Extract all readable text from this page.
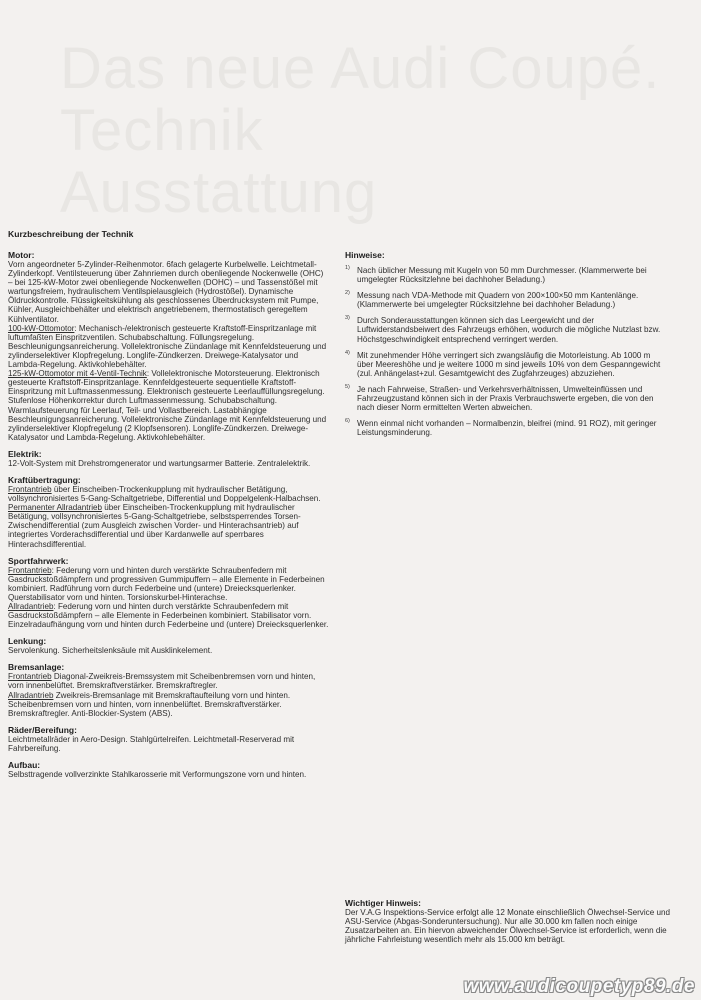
Das neue Audi Coupé.
Technik
Ausstattung
Kurzbeschreibung der Technik
Motor:

Vorn angeordneter 5-Zylinder-Reihenmotor. 6fach gelagerte Kurbelwelle. Leichtmetall-Zylinderkopf. Ventilsteuerung über Zahnriemen durch obenliegende Nockenwelle (OHC) – bei 125-kW-Motor zwei obenliegende Nockenwellen (DOHC) – und Tassenstößel mit wartungsfreiem, hydraulischem Ventilspielausgleich (Hydrostößel). Dynamische Öldruckkontrolle. Flüssigkeitskühlung als geschlossenes Überdrucksystem mit Pumpe, Kühler, Ausgleichbehälter und elektrisch angetriebenem, thermostatisch geregeltem Kühlventilator.

100-kW-Ottomotor: Mechanisch-/elektronisch gesteuerte Kraftstoff-Einspritzanlage mit luftumfaßten Einspritzventilen. Schubabschaltung. Füllungsregelung. Beschleunigungsanreicherung. Vollelektronische Zündanlage mit Kennfeldsteuerung und zylinderselektiver Klopfregelung. Longlife-Zündkerzen. Dreiwege-Katalysator und Lambda-Regelung. Aktivkohlebehälter.

125-kW-Ottomotor mit 4-Ventil-Technik: Vollelektronische Motorsteuerung. Elektronisch gesteuerte Kraftstoff-Einspritzanlage. Kennfeldgesteuerte sequentielle Kraftstoff-Einspritzung mit Luftmassenmessung. Elektronisch gesteuerte Leerlauffüllungsregelung. Stufenlose Höhenkorrektur durch Luftmassenmessung. Schubabschaltung. Warmlaufsteuerung für Leerlauf, Teil- und Vollastbereich. Lastabhängige Beschleunigungsanreicherung. Vollelektronische Zündanlage mit Kennfeldsteuerung und zylinderselektiver Klopfregelung (2 Klopfsensoren). Longlife-Zündkerzen. Dreiwege-Katalysator und Lambda-Regelung. Aktivkohlebehälter.

Elektrik:

12-Volt-System mit Drehstromgenerator und wartungsarmer Batterie. Zentralelektrik.

Kraftübertragung:

Frontantrieb über Einscheiben-Trockenkupplung mit hydraulischer Betätigung, vollsynchronisiertes 5-Gang-Schaltgetriebe, Differential und Doppelgelenk-Halbachsen.

Permanenter Allradantrieb über Einscheiben-Trockenkupplung mit hydraulischer Betätigung, vollsynchronisiertes 5-Gang-Schaltgetriebe, selbstsperrendes Torsen-Zwischendifferential (zum Ausgleich zwischen Vorder- und Hinterachsantrieb) auf integriertes Vorderachsdifferential und über Kardanwelle auf sperrbares Hinterachsdifferential.

Sportfahrwerk:

Frontantrieb: Federung vorn und hinten durch verstärkte Schraubenfedern mit Gasdruckstoßdämpfern und progressiven Gummipuffern – alle Elemente in Federbeinen kombiniert. Radführung vorn durch Federbeine und (untere) Dreiecksquerlenker. Querstabilisator vorn und hinten. Torsionskurbel-Hinterachse.

Allradantrieb: Federung vorn und hinten durch verstärkte Schraubenfedern mit Gasdruckstoßdämpfern – alle Elemente in Federbeinen kombiniert. Stabilisator vorn. Einzelradaufhängung vorn und hinten durch Federbeine und (untere) Dreiecksquerlenker.

Lenkung:

Servolenkung. Sicherheitslenksäule mit Ausklinkelement.

Bremsanlage:

Frontantrieb Diagonal-Zweikreis-Bremssystem mit Scheibenbremsen vorn und hinten, vorn innenbelüftet. Bremskraftverstärker. Bremskraftregler.

Allradantrieb Zweikreis-Bremsanlage mit Bremskraftaufteilung vorn und hinten. Scheibenbremsen vorn und hinten, vorn innenbelüftet. Bremskraftverstärker. Bremskraftregler. Anti-Blockier-System (ABS).

Räder/Bereifung:

Leichtmetallräder in Aero-Design. Stahlgürtelreifen. Leichtmetall-Reserverad mit Fahrbereifung.

Aufbau:

Selbsttragende vollverzinkte Stahlkarosserie mit Verformungszone vorn und hinten.

Hinweise:
1) Nach üblicher Messung mit Kugeln von 50 mm Durchmesser. (Klammerwerte bei umgelegter Rücksitzlehne bei dachhoher Beladung.)
2) Messung nach VDA-Methode mit Quadern von 200×100×50 mm Kantenlänge. (Klammerwerte bei umgelegter Rücksitzlehne bei dachhoher Beladung.)
3) Durch Sonderausstattungen können sich das Leergewicht und der Luftwiderstandsbeiwert des Fahrzeugs erhöhen, wodurch die mögliche Nutzlast bzw. Höchstgeschwindigkeit entsprechend verringert werden.
4) Mit zunehmender Höhe verringert sich zwangsläufig die Motorleistung. Ab 1000 m über Meereshöhe und je weitere 1000 m sind jeweils 10% von dem Gespanngewicht (zul. Anhängelast+zul. Gesamtgewicht des Zugfahrzeuges) abzuziehen.
5) Je nach Fahrweise, Straßen- und Verkehrsverhältnissen, Umwelteinflüssen und Fahrzeugzustand können sich in der Praxis Verbrauchswerte ergeben, die von den nach dieser Norm ermittelten Werten abweichen.
6) Wenn einmal nicht vorhanden – Normalbenzin, bleifrei (mind. 91 ROZ), mit geringer Leistungsminderung.
Wichtiger Hinweis:

Der V.A.G Inspektions-Service erfolgt alle 12 Monate einschließlich Ölwechsel-Service und ASU-Service (Abgas-Sonderuntersuchung). Nur alle 30.000 km fallen noch einige Zusatzarbeiten an. Ein hiervon abweichender Ölwechsel-Service ist erforderlich, wenn die jährliche Fahrleistung wesentlich mehr als 15.000 km beträgt.

www.audicoupetyp89.de
